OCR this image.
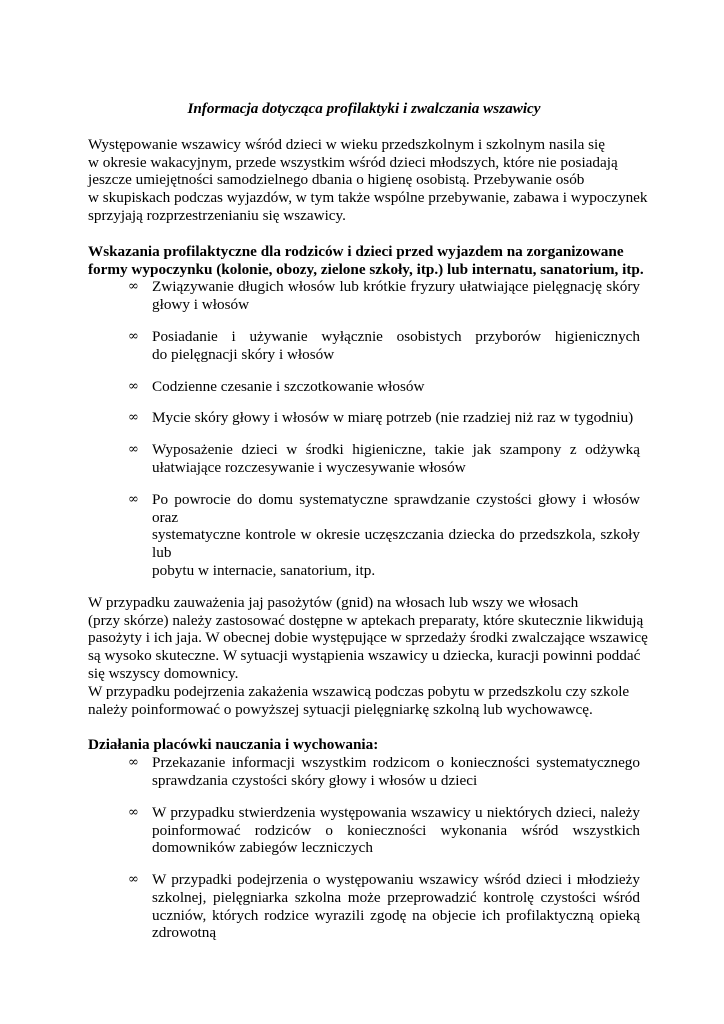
Informacja dotycząca profilaktyki i zwalczania wszawicy
Występowanie wszawicy wśród dzieci w wieku przedszkolnym i szkolnym nasila się
w okresie wakacyjnym, przede wszystkim wśród dzieci młodszych, które nie posiadają
jeszcze umiejętności samodzielnego dbania o higienę osobistą. Przebywanie osób
w skupiskach podczas wyjazdów, w tym także wspólne przebywanie, zabawa i wypoczynek
sprzyjają rozprzestrzenianiu się wszawicy.
Wskazania profilaktyczne dla rodziców i dzieci przed wyjazdem na zorganizowane
formy wypoczynku (kolonie, obozy, zielone szkoły, itp.) lub internatu, sanatorium, itp.
∞ Związywanie długich włosów lub krótkie fryzury ułatwiające pielęgnację skóry
głowy i włosów
∞ Posiadanie i używanie wyłącznie osobistych przyborów higienicznych
do pielęgnacji skóry i włosów
∞ Codzienne czesanie i szczotkowanie włosów
∞ Mycie skóry głowy i włosów w miarę potrzeb (nie rzadziej niż raz w tygodniu)
∞ Wyposażenie dzieci w środki higieniczne, takie jak szampony z odżywką
ułatwiające rozczesywanie i wyczesywanie włosów
∞ Po powrocie do domu systematyczne sprawdzanie czystości głowy i włosów oraz
systematyczne kontrole w okresie uczęszczania dziecka do przedszkola, szkoły lub
pobytu w internacie, sanatorium, itp.
W przypadku zauważenia jaj pasożytów (gnid) na włosach lub wszy we włosach
(przy skórze) należy zastosować dostępne w aptekach preparaty, które skutecznie likwidują
pasożyty i ich jaja. W obecnej dobie występujące w sprzedaży środki zwalczające wszawicę
są wysoko skuteczne. W sytuacji wystąpienia wszawicy u dziecka, kuracji powinni poddać
się wszyscy domownicy.
W przypadku podejrzenia zakażenia wszawicą podczas pobytu w przedszkolu czy szkole
należy poinformować o powyższej sytuacji pielęgniarkę szkolną lub wychowawcę.
Działania placówki nauczania i wychowania:
∞ Przekazanie informacji wszystkim rodzicom o konieczności systematycznego
sprawdzania czystości skóry głowy i włosów u dzieci
∞ W przypadku stwierdzenia występowania wszawicy u niektórych dzieci, należy
poinformować rodziców o konieczności wykonania wśród wszystkich
domowników zabiegów leczniczych
∞ W przypadki podejrzenia o występowaniu wszawicy wśród dzieci i młodzieży
szkolnej, pielęgniarka szkolna może przeprowadzić kontrolę czystości wśród
uczniów, których rodzice wyrazili zgodę na objecie ich profilaktyczną opieką
zdrowotną
